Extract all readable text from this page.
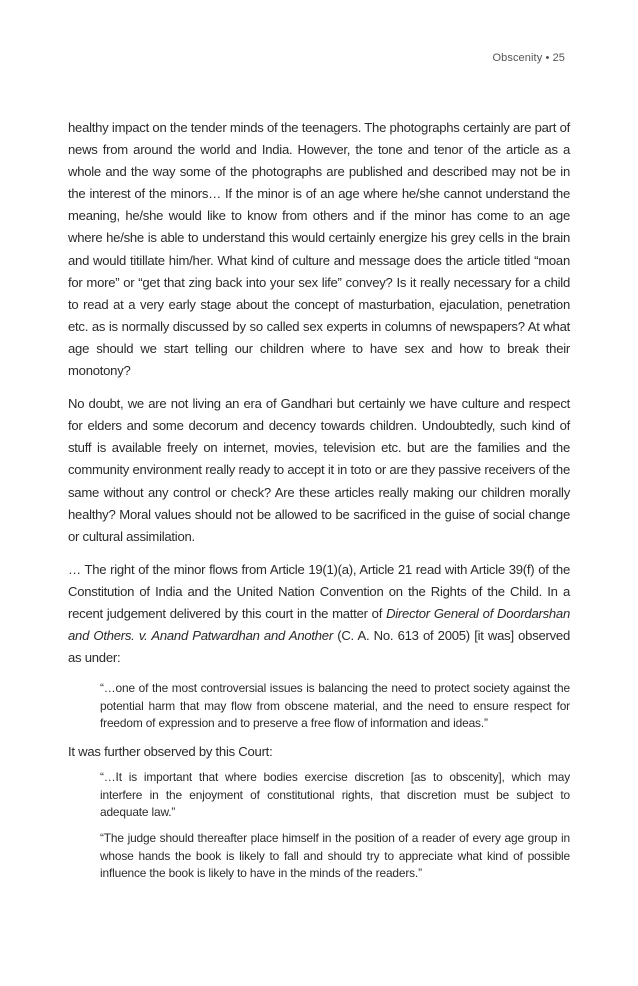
Obscenity • 25

healthy impact on the tender minds of the teenagers. The photographs certainly are part of news from around the world and India. However, the tone and tenor of the article as a whole and the way some of the photographs are published and described may not be in the interest of the minors… If the minor is of an age where he/she cannot understand the meaning, he/she would like to know from others and if the minor has come to an age where he/she is able to understand this would certainly energize his grey cells in the brain and would titillate him/her. What kind of culture and message does the article titled “moan for more” or “get that zing back into your sex life” convey? Is it really necessary for a child to read at a very early stage about the concept of masturbation, ejaculation, penetration etc. as is normally discussed by so called sex experts in columns of newspapers? At what age should we start telling our children where to have sex and how to break their monotony?

No doubt, we are not living an era of Gandhari but certainly we have culture and respect for elders and some decorum and decency towards children. Undoubtedly, such kind of stuff is available freely on internet, movies, television etc. but are the families and the community environment really ready to accept it in toto or are they passive receivers of the same without any control or check? Are these articles really making our children morally healthy? Moral values should not be allowed to be sacrificed in the guise of social change or cultural assimilation.

… The right of the minor flows from Article 19(1)(a), Article 21 read with Article 39(f) of the Constitution of India and the United Nation Convention on the Rights of the Child. In a recent judgement delivered by this court in the matter of Director General of Doordarshan and Others. v. Anand Patwardhan and Another (C. A. No. 613 of 2005) [it was] observed as under:

“…one of the most controversial issues is balancing the need to protect society against the potential harm that may flow from obscene material, and the need to ensure respect for freedom of expression and to preserve a free flow of information and ideas.”

It was further observed by this Court:

“…It is important that where bodies exercise discretion [as to obscenity], which may interfere in the enjoyment of constitutional rights, that discretion must be subject to adequate law.”

“The judge should thereafter place himself in the position of a reader of every age group in whose hands the book is likely to fall and should try to appreciate what kind of possible influence the book is likely to have in the minds of the readers.”
